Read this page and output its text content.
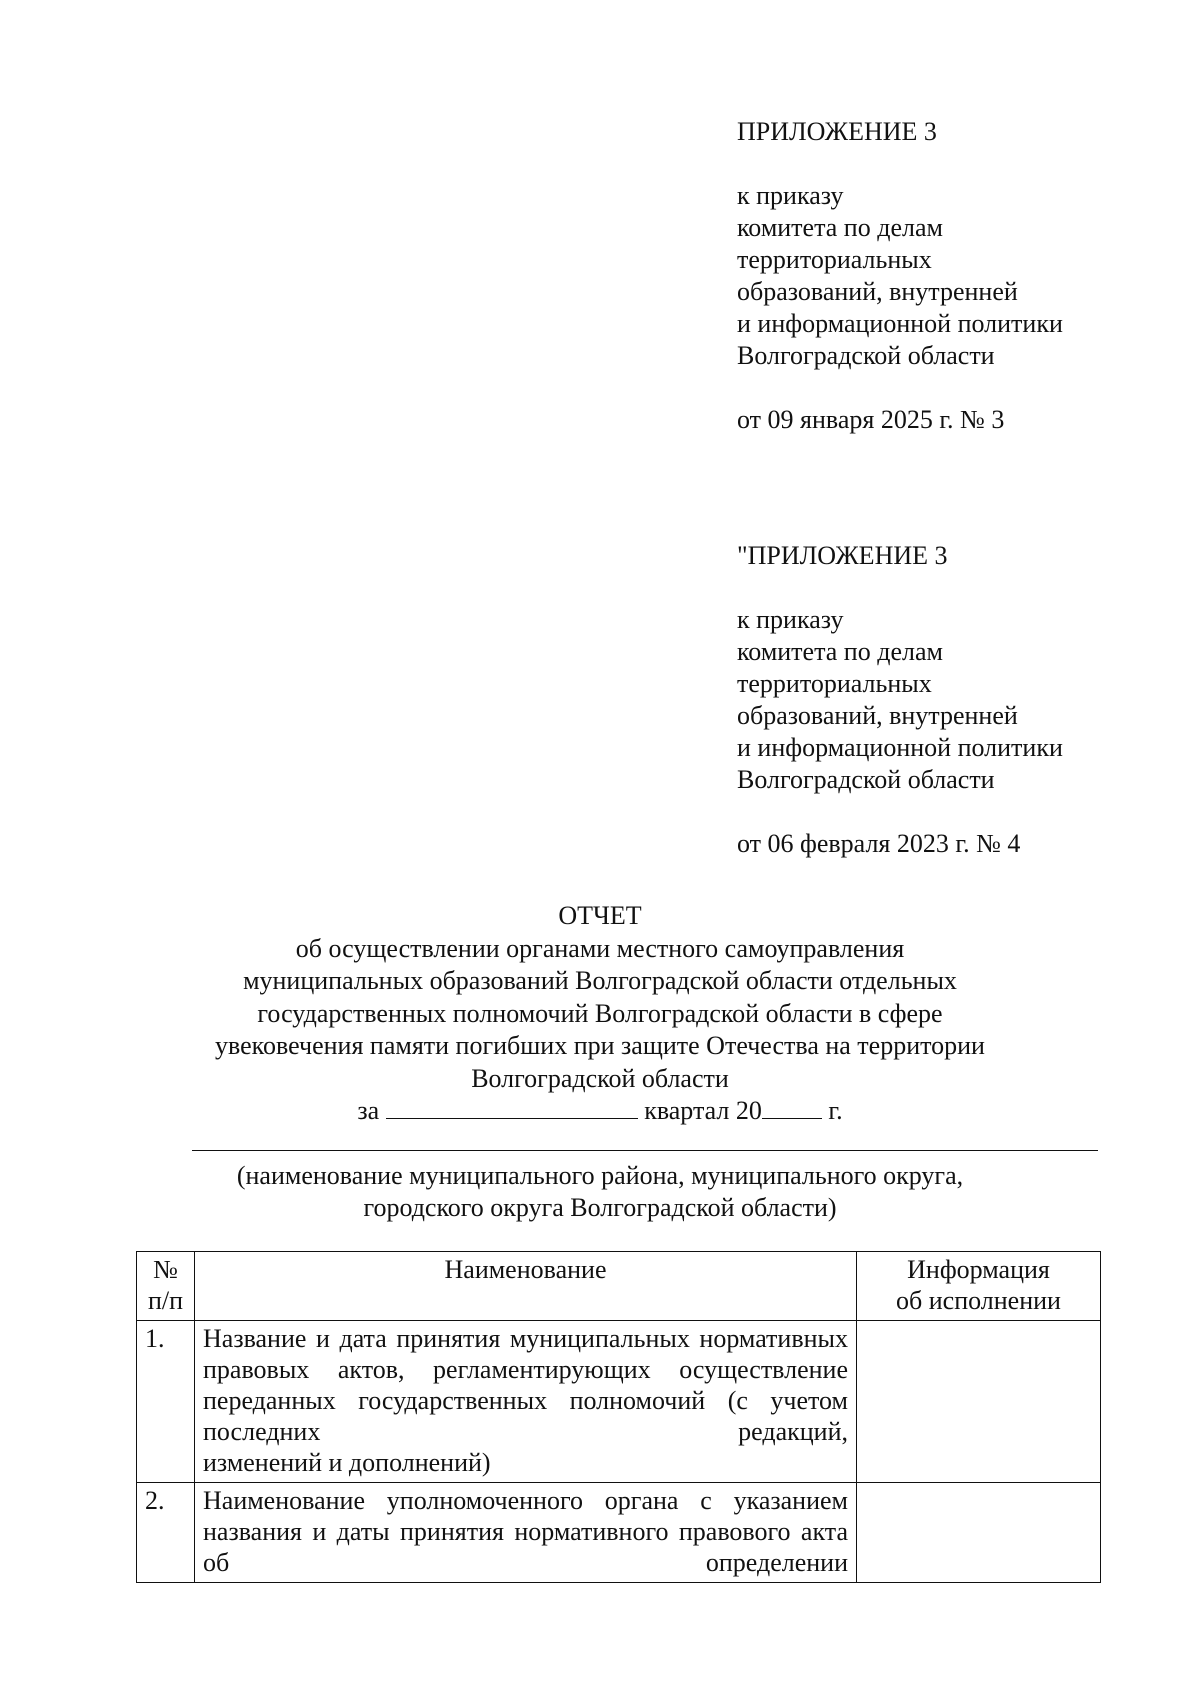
ПРИЛОЖЕНИЕ 3
к приказу
комитета по делам
территориальных
образований, внутренней
и информационной политики
Волгоградской области
от 09 января 2025 г. № 3
"ПРИЛОЖЕНИЕ 3
к приказу
комитета по делам
территориальных
образований, внутренней
и информационной политики
Волгоградской области
от 06 февраля 2023 г. № 4
ОТЧЕТ
об осуществлении органами местного самоуправления
муниципальных образований Волгоградской области отдельных
государственных полномочий Волгоградской области в сфере
увековечения памяти погибших при защите Отечества на территории
Волгоградской области
за	квартал 20	г.
(наименование муниципального района, муниципального округа,
городского округа Волгоградской области)
№
п/п	Наименование	Информация
об исполнении

1.	Название и дата принятия муниципальных нормативных правовых актов, регламентирующих осуществление переданных государственных полномочий (с учетом последних редакций,
изменений и дополнений)	

2.	Наименование уполномоченного органа с указанием названия и даты принятия нормативного правового акта об определении	
